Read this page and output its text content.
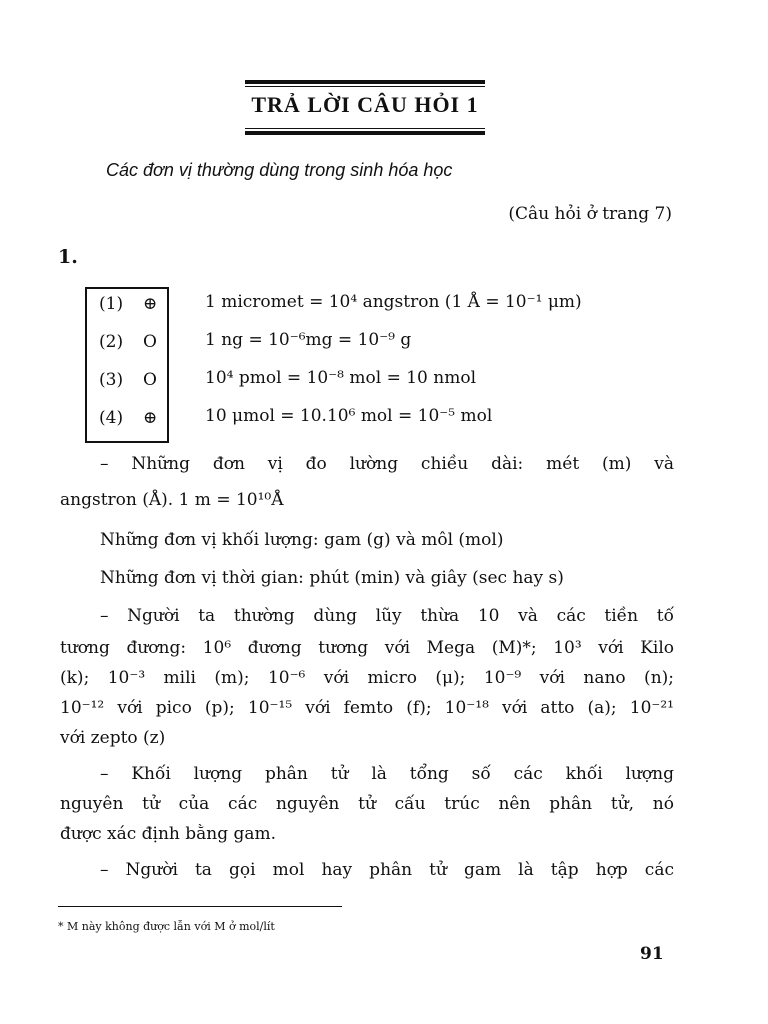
TRẢ LỜI CÂU HỎI 1
Các đơn vị thường dùng trong sinh hóa học
(Câu hỏi ở trang 7)
1.
(1) ⊕
(2) O
(3) O
(4) ⊕
1 micromet = 10⁴ angstron (1 Å = 10⁻¹ μm)
1 ng = 10⁻⁶mg = 10⁻⁹ g
10⁴ pmol = 10⁻⁸ mol = 10 nmol
10 μmol = 10.10⁶ mol = 10⁻⁵ mol
– Những đơn vị đo lường chiều dài: mét (m) và
angstron (Å). 1 m = 10¹⁰Å
Những đơn vị khối lượng: gam (g) và môl (mol)
Những đơn vị thời gian: phút (min) và giây (sec hay s)
– Người ta thường dùng lũy thừa 10 và các tiền tố
tương đương: 10⁶ đương tương với Mega (M)*; 10³ với Kilo
(k); 10⁻³ mili (m); 10⁻⁶ với micro (μ); 10⁻⁹ với nano (n);
10⁻¹² với pico (p); 10⁻¹⁵ với femto (f); 10⁻¹⁸ với atto (a); 10⁻²¹
với zepto (z)
– Khối lượng phân tử là tổng số các khối lượng
nguyên tử của các nguyên tử cấu trúc nên phân tử, nó
được xác định bằng gam.
– Người ta gọi mol hay phân tử gam là tập hợp các
* M này không được lẫn với M ở mol/lít
91
